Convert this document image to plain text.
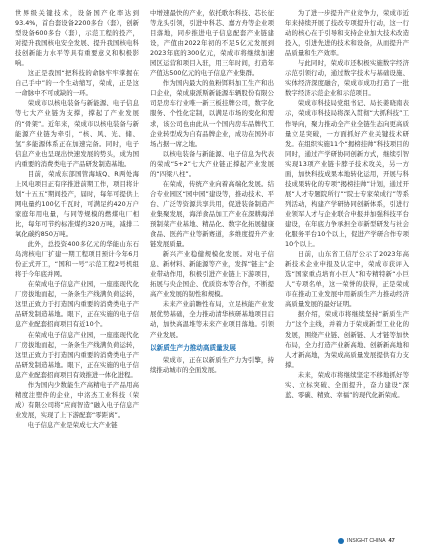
世界级关键技术，设备国产化率达到93.4%，首台套设备2200多台（套），创新型设备600多台（套），示范工程的投产，对提升我国核电安全发展、提升我国核电科技创新能力水平等具有重要意义和积极影响。

这正是我国“把科技的命脉牢牢掌握在自己手中”的一个生动缩写，荣成，正是这一命脉中不可或缺的一环。

荣成市以核电装备与新能源、电子信息等七大产业链为支撑，撑起了产业发展的“骨架”。近年来，荣成市以核电装备与新能源产业链为牵引，“核、风、光、储、氢”多能源体系正在加速完备。同时，电子信息产业也呈现出快速发展的势头，成为国内重要的消费类电子产品研发制造基地。

目前，荣成东部国管海域Q、R两处海上风电项目正有序推进前期工作，项目将计划“十五五”期间投产，届时，每年可提供上网电量约100亿千瓦时，可满足约420万户家庭年用电量，与同等规模的燃煤电厂相比，每年可节约标准煤约320万吨，减排二氧化碳约850万吨。

此外，总投资400多亿元的华能山东石岛湾核电厂扩建一期工程项目预计今年6月份正式开工，“国和一号”示范工程2号机组将于今年底并网。

在荣成电子信息产业园，一座座现代化厂房拔地而起，一条条生产线满负荷运转，这里正致力于打造国内重要的消费类电子产品研发制造基地。眼下，正在实施的电子信息产业配套招商项目有近10个。

在荣成电子信息产业园，一座座现代化厂房拔地而起，一条条生产线满负荷运转，这里正致力于打造国内重要的消费类电子产品研发制造基地。眼下，正在实施的电子信息产业配套招商项目有效推进一体化进程。

作为国内少数能生产高精电子产品用高精度注塑件的企业，中洺杰工业科技（荣成）有限公司将“应商智造”融入电子信息产业发展，实现了上下游配套“零距离”。

电子信息产业是荣成七大产业链

中增速最快的产业，依托歌尔科技、芯长征等龙头引领，引进中科芯、嘉方舟等企业项目落地，同步推进电子信息配套产业链建设，产值由2022年初的不足5亿元发展到2023年底的300亿元，荣成市将继续加速园区运营和项目入驻，用三年时间，打造年产值达500亿元的电子信息产业集群。

作为国内最大的鱼粉饵料加工生产和出口企业，荣成康派斯新能源车辆股份有限公司是房车行业唯一新三板挂牌公司，数字化服务、个性化定制，以满足市场的变化和需求，该公司也由此从一个国内房车品牌代工企业转型成为自有品牌企业，成功在国外市场占据一席之地。

以核电装备与新能源、电子信息为代表的荣成“5+2”七大产业链正撑起产业发展的“四梁八柱”。

在荣成，传统产业向着高端化发展。结合专业园区“园中园”建设等，推动技术、平台、广泛等资源共享共用，促进装备制造产业集聚发展，海洋食品加工产业在深耕海洋预制菜产业基地、精品化、数字化拓展健康食品、医药产业等新赛道，多维度提升产业链发展质量。

新兴产业稳健规模化发展。对电子信息、新材料、新能源等产业，发挥“链主”企业带动作用，积极引进产业链上下游项目，拓展与央企国企、优质资本等合作，不断提高产业发展的韧性和规模。

未来产业前瞻性布局，立足核能产业发展优势基础，全力推动清华核研基地项目启动，加快高温堆等未来产业项目落地。引领产业发展。

以新质生产力推动高质量发展

荣成市，正在以新质生产力为引擎，持续推动城市的全面发展。

为了进一步提升产业竞争力，荣成市近年来持续开展了技改专项提升行动，这一行动的核心在于引导和支持企业加大技术改造投入，引进先进的技术和设备，从而提升产品质量和生产效率。

与此同时，荣成市还积极实施数字经济示范引领行动，通过数字技术与基础设施、实体经济深度融合，荣成市成功打造了一批数字经济示范企业和示范项目。

荣成市科技局党组书记、局长姜晓南表示，荣成市科技局将深入贯彻“大抓科技”工作导向，聚力推动全产业全链生态向更高质量立足突破，一方面抓好产业关键技术研发。在组织实施11个“揭榜挂帅”科技项目的同时，通过产学研协同创新方式，继续引智实现13项产业链卡脖子技术攻关，另一方面，加快科技成果本地转化运用，开展与科技成果转化的专项“揭榜挂帅”计划，通过开展“人才专题院所行”“院士专家荣成行”等系列活动，构建产学研协同创新体系，引进行业领军人才与企业联合申报并加强科技平台建设，在年底力争承担全市新型研发与社会化服务平台10个以上，促进产学研合作专项10个以上。

日前，山东省工信厅公示了2023年高新技术企业申报及认定中，荣成市获评入选“国家重点培育小巨人”和专精特新“小巨人”专项名单，这一荣誉的获得，正是荣成市在推动工业发展中用新质生产力推动经济高质量发展的最好证明。

据介绍，荣成市将继续坚持“新质生产力”这个主线，并着力于荣成新型工业化的发展，围绕产业链、创新链、人才链等加快布局，全力打造产业新高地、创新新高地和人才新高地，为荣成高质量发展提供有力支撑。

未来，荣成市将继续坚定不移地抓好等实、立标突破、全面提升，奋力建设“深蓝、零碳、精致、幸福”的现代化新荣成。

INSIGHT CHINA 47
